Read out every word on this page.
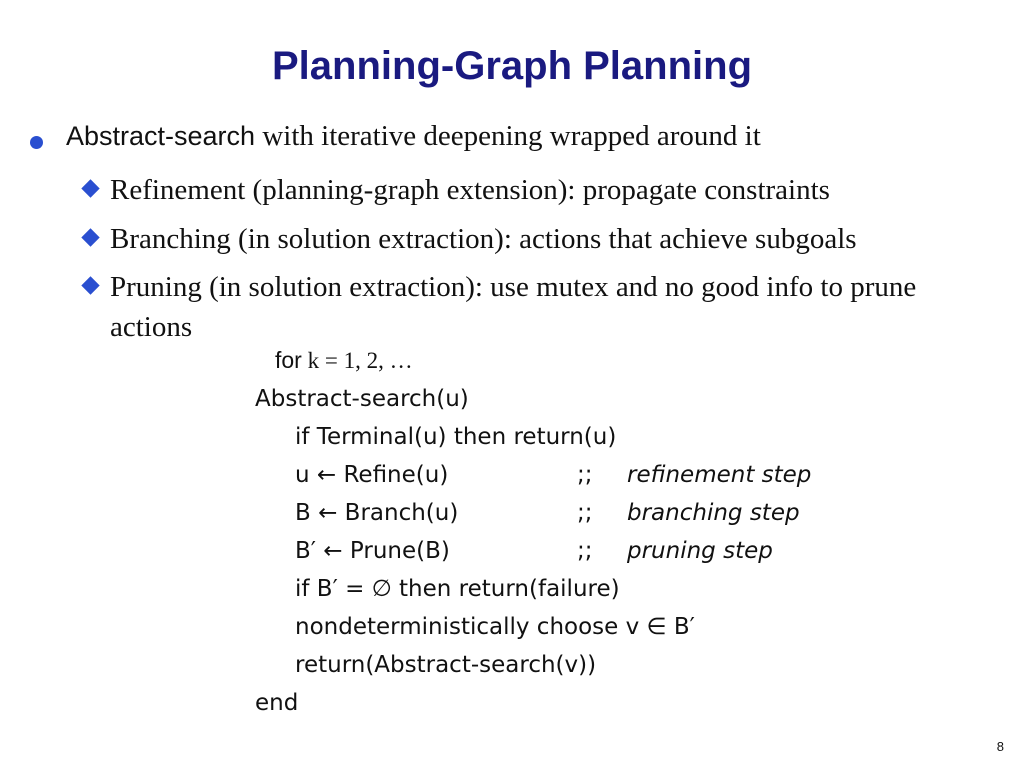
Planning-Graph Planning
Abstract-search with iterative deepening wrapped around it
Refinement (planning-graph extension): propagate constraints
Branching (in solution extraction): actions that achieve subgoals
Pruning (in solution extraction): use mutex and no good info to prune actions
for k = 1, 2, …
Abstract-search(u)
if Terminal(u) then return(u)
u ← Refine(u)	;; refinement step
B ← Branch(u)	;; branching step
B′ ← Prune(B)	;; pruning step
if B′ = ∅ then return(failure)
nondeterministically choose v ∈ B′
return(Abstract-search(v))
end
8
